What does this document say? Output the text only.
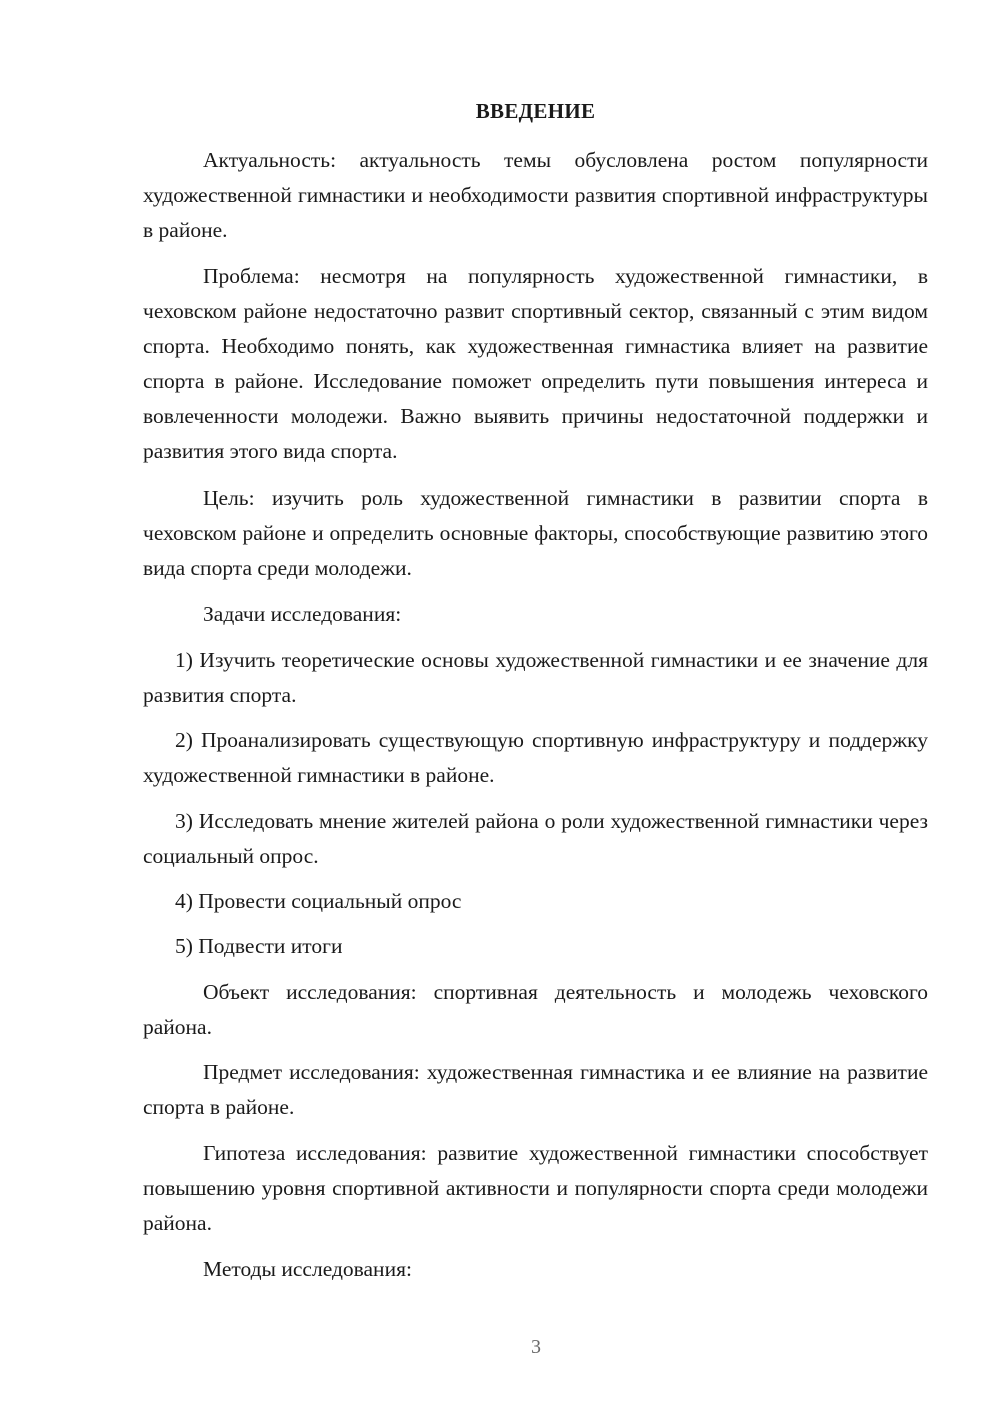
ВВЕДЕНИЕ

Актуальность: актуальность темы обусловлена ростом популярности художественной гимнастики и необходимости развития спортивной инфраструктуры в районе.

Проблема: несмотря на популярность художественной гимнастики, в чеховском районе недостаточно развит спортивный сектор, связанный с этим видом спорта. Необходимо понять, как художественная гимнастика влияет на развитие спорта в районе. Исследование поможет определить пути повышения интереса и вовлеченности молодежи. Важно выявить причины недостаточной поддержки и развития этого вида спорта.

Цель: изучить роль художественной гимнастики в развитии спорта в чеховском районе и определить основные факторы, способствующие развитию этого вида спорта среди молодежи.

Задачи исследования:

1) Изучить теоретические основы художественной гимнастики и ее значение для развития спорта.

2) Проанализировать существующую спортивную инфраструктуру и поддержку художественной гимнастики в районе.

3) Исследовать мнение жителей района о роли художественной гимнастики через социальный опрос.

4) Провести социальный опрос

5) Подвести итоги

Объект исследования: спортивная деятельность и молодежь чеховского района.

Предмет исследования: художественная гимнастика и ее влияние на развитие спорта в районе.

Гипотеза исследования: развитие художественной гимнастики способствует повышению уровня спортивной активности и популярности спорта среди молодежи района.

Методы исследования:

3
